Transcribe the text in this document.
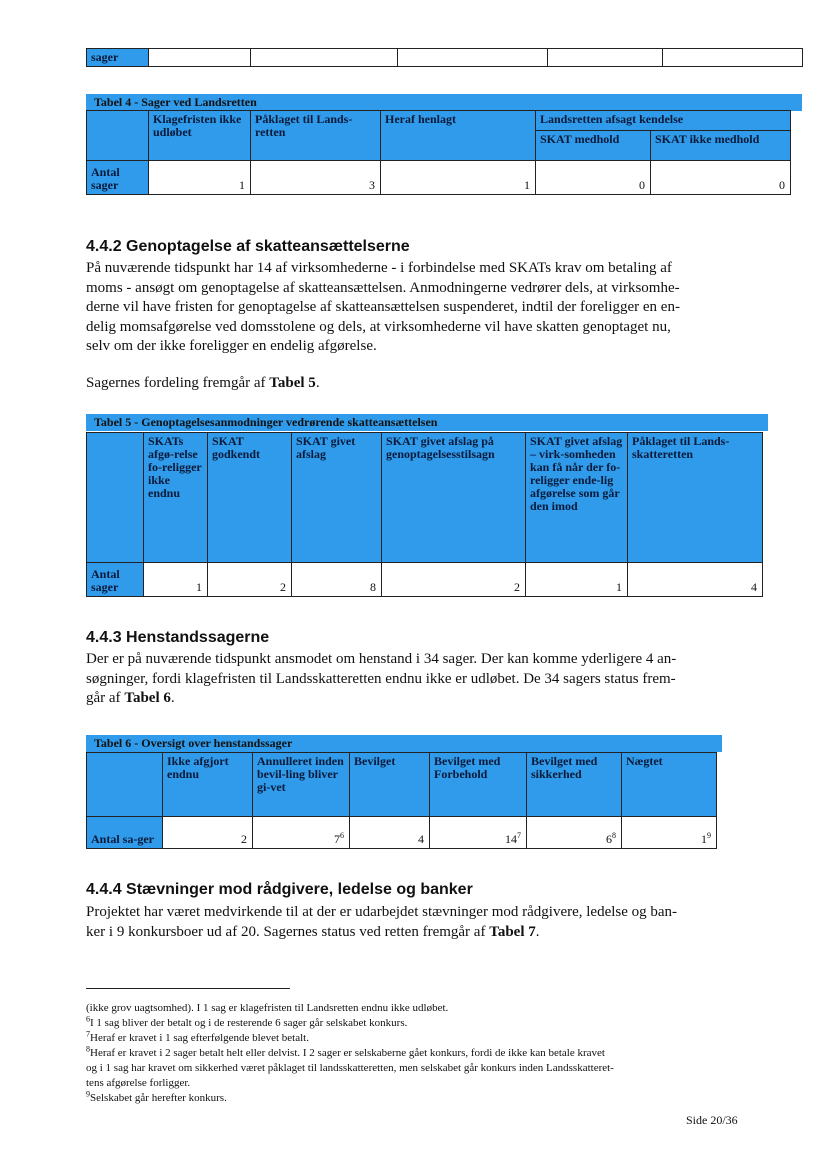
sager					
Tabel 4 - Sager ved Landsretten
	Klagefristen ikke udløbet	Påklaget til Lands-retten	Heraf henlagt	Landsretten afsagt kendelse	
				SKAT medhold	SKAT ikke medhold
Antal sager	1	3	1	0	0
4.4.2 Genoptagelse af skatteansættelserne
På nuværende tidspunkt har 14 af virksomhederne - i forbindelse med SKATs krav om betaling af
moms - ansøgt om genoptagelse af skatteansættelsen. Anmodningerne vedrører dels, at virksomhe-
derne vil have fristen for genoptagelse af skatteansættelsen suspenderet, indtil der foreligger en en-
delig momsafgørelse ved domsstolene og dels, at virksomhederne vil have skatten genoptaget nu,
selv om der ikke foreligger en endelig afgørelse.
Sagernes fordeling fremgår af Tabel 5.
Tabel 5 - Genoptagelsesanmodninger vedrørende skatteansættelsen
	SKATs afgø-relse fo-religger ikke endnu	SKAT godkendt	SKAT givet afslag	SKAT givet afslag på genoptagelsesstilsagn	SKAT givet afslag – virk-somheden kan få når der fo-religger ende-lig afgørelse som går den imod	Påklaget til Lands-skatteretten
Antal sager	1	2	8	2	1	4
4.4.3 Henstandssagerne
Der er på nuværende tidspunkt ansmodet om henstand i 34 sager. Der kan komme yderligere 4 an-
søgninger, fordi klagefristen til Landsskatteretten endnu ikke er udløbet. De 34 sagers status frem-
går af Tabel 6.
Tabel 6 - Oversigt over henstandssager
	Ikke afgjort endnu	Annulleret inden bevil-ling bliver gi-vet	Bevilget	Bevilget med Forbehold	Bevilget med sikkerhed	Nægtet
Antal sa-ger	2	$7^6$	4	$14^7$	$6^8$	$1^9$
4.4.4 Stævninger mod rådgivere, ledelse og banker
Projektet har været medvirkende til at der er udarbejdet stævninger mod rådgivere, ledelse og ban-
ker i 9 konkursboer ud af 20. Sagernes status ved retten fremgår af Tabel 7.
(ikke grov uagtsomhed). I 1 sag er klagefristen til Landsretten endnu ikke udløbet.
$^6$I 1 sag bliver der betalt og i de resterende 6 sager går selskabet konkurs.
$^7$Heraf er kravet i 1 sag efterfølgende blevet betalt.
$^8$Heraf er kravet i 2 sager betalt helt eller delvist. I 2 sager er selskaberne gået konkurs, fordi de ikke kan betale kravet
og i 1 sag har kravet om sikkerhed været påklaget til landsskatteretten, men selskabet går konkurs inden Landsskatteret-
tens afgørelse forligger.
$^9$Selskabet går herefter konkurs.
Side 20/36
